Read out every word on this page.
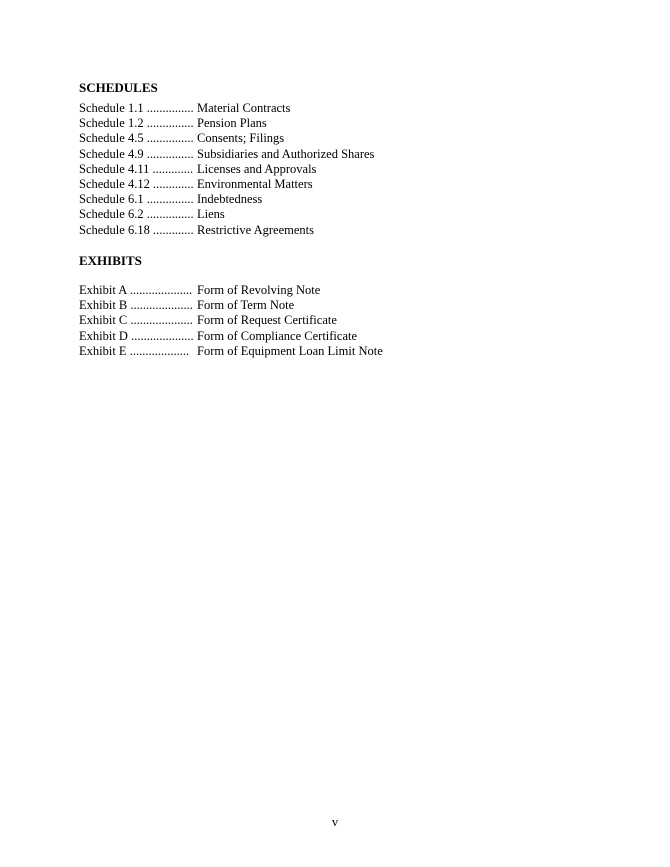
SCHEDULES
Schedule 1.1 ............... Material Contracts
Schedule 1.2 ............... Pension Plans
Schedule 4.5 ............... Consents; Filings
Schedule 4.9 ............... Subsidiaries and Authorized Shares
Schedule 4.11 ............. Licenses and Approvals
Schedule 4.12 ............. Environmental Matters
Schedule 6.1 ............... Indebtedness
Schedule 6.2 ............... Liens
Schedule 6.18 ............. Restrictive Agreements
EXHIBITS
Exhibit A .................... Form of Revolving Note
Exhibit B .................... Form of Term Note
Exhibit C .................... Form of Request Certificate
Exhibit D .................... Form of Compliance Certificate
Exhibit E ................... Form of Equipment Loan Limit Note

v
